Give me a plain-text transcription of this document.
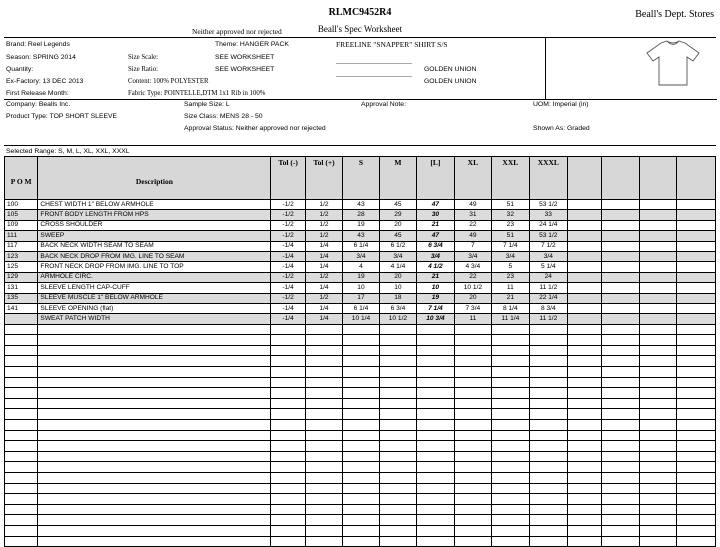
RLMC9452R4
Beall's Spec Worksheet
Beall's Dept. Stores
Neither approved nor rejected
FREELINE "SNAPPER" SHIRT S/S
Brand: Reel Legends
Season: SPRING 2014
Quantity:
Ex-Factory: 13 DEC 2013
First Release Month:
Theme: HANGER PACK
Size Scale:	SEE WORKSHEET
Size Ratio:	SEE WORKSHEET
Content: 100% POLYESTER
Fabric Type: POINTELLE,DTM 1x1 Rib in 100%
GOLDEN UNION
GOLDEN UNION
Company: Bealls Inc.
Product Type: TOP SHORT SLEEVE
Sample Size: L
Size Class: MENS 28 - 50
Approval Status: Neither approved nor rejected
Approval Note:	UOM: Imperial (in)
Shown As: Graded
Selected Range: S, M, L, XL, XXL, XXXL
P O M	Description	Tol (-)	Tol (+)	S	M	[L]	XL	XXL	XXXL				
100	CHEST WIDTH 1" BELOW ARMHOLE	-1/2	1/2	43	45	47	49	51	53 1/2				
105	FRONT BODY LENGTH FROM HPS	-1/2	1/2	28	29	30	31	32	33				
109	CROSS SHOULDER	-1/2	1/2	19	20	21	22	23	24 1/4				
111	SWEEP	-1/2	1/2	43	45	47	49	51	53 1/2				
117	BACK NECK WIDTH SEAM TO SEAM	-1/4	1/4	6 1/4	6 1/2	6 3/4	7	7 1/4	7 1/2				
123	BACK NECK DROP FROM IMG. LINE TO SEAM	-1/4	1/4	3/4	3/4	3/4	3/4	3/4	3/4				
125	FRONT NECK DROP FROM IMG. LINE TO TOP	-1/4	1/4	4	4 1/4	4 1/2	4 3/4	5	5 1/4				
129	ARMHOLE CIRC.	-1/2	1/2	19	20	21	22	23	24				
131	SLEEVE LENGTH CAP-CUFF	-1/4	1/4	10	10	10	10 1/2	11	11 1/2				
135	SLEEVE MUSCLE 1" BELOW ARMHOLE	-1/2	1/2	17	18	19	20	21	22 1/4				
141	SLEEVE OPENING (flat)	-1/4	1/4	6 1/4	6 3/4	7 1/4	7 3/4	8 1/4	8 3/4				
	SWEAT PATCH WIDTH	-1/4	1/4	10 1/4	10 1/2	10 3/4	11	11 1/4	11 1/2				
